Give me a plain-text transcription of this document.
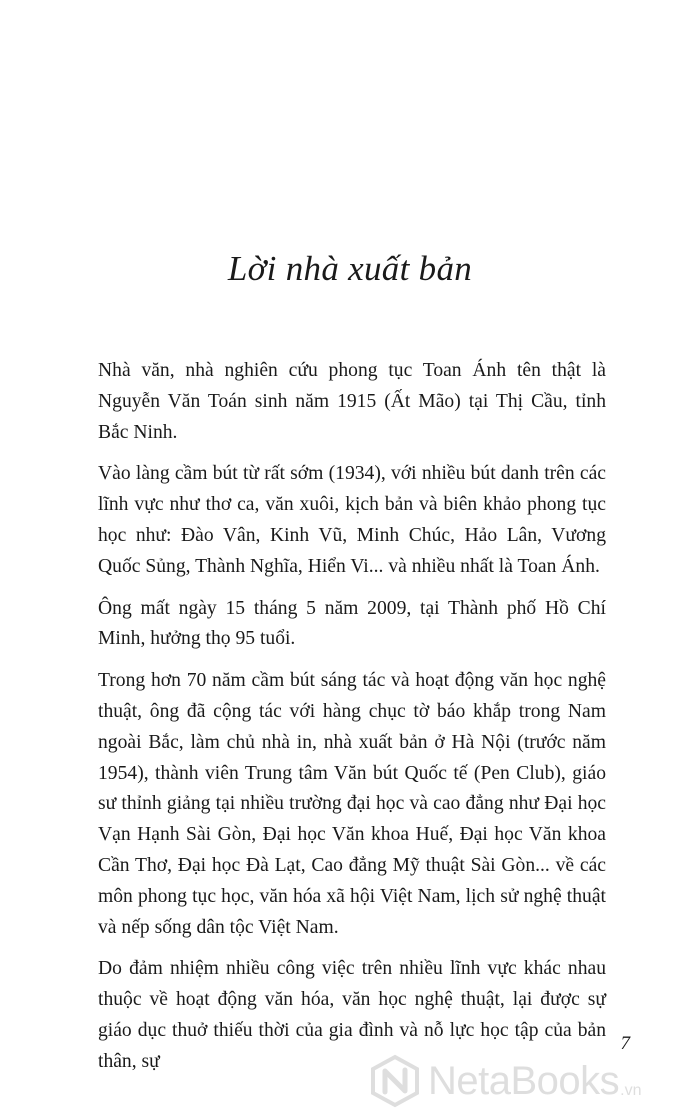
Lời nhà xuất bản

Nhà văn, nhà nghiên cứu phong tục Toan Ánh tên thật là Nguyễn Văn Toán sinh năm 1915 (Ất Mão) tại Thị Cầu, tỉnh Bắc Ninh.

Vào làng cầm bút từ rất sớm (1934), với nhiều bút danh trên các lĩnh vực như thơ ca, văn xuôi, kịch bản và biên khảo phong tục học như: Đào Vân, Kinh Vũ, Minh Chúc, Hảo Lân, Vương Quốc Sủng, Thành Nghĩa, Hiển Vi... và nhiều nhất là Toan Ánh.

Ông mất ngày 15 tháng 5 năm 2009, tại Thành phố Hồ Chí Minh, hưởng thọ 95 tuổi.

Trong hơn 70 năm cầm bút sáng tác và hoạt động văn học nghệ thuật, ông đã cộng tác với hàng chục tờ báo khắp trong Nam ngoài Bắc, làm chủ nhà in, nhà xuất bản ở Hà Nội (trước năm 1954), thành viên Trung tâm Văn bút Quốc tế (Pen Club), giáo sư thỉnh giảng tại nhiều trường đại học và cao đẳng như Đại học Vạn Hạnh Sài Gòn, Đại học Văn khoa Huế, Đại học Văn khoa Cần Thơ, Đại học Đà Lạt, Cao đẳng Mỹ thuật Sài Gòn... về các môn phong tục học, văn hóa xã hội Việt Nam, lịch sử nghệ thuật và nếp sống dân tộc Việt Nam.

Do đảm nhiệm nhiều công việc trên nhiều lĩnh vực khác nhau thuộc về hoạt động văn hóa, văn học nghệ thuật, lại được sự giáo dục thuở thiếu thời của gia đình và nỗ lực học tập của bản thân, sự

7
NetaBooks .vn
